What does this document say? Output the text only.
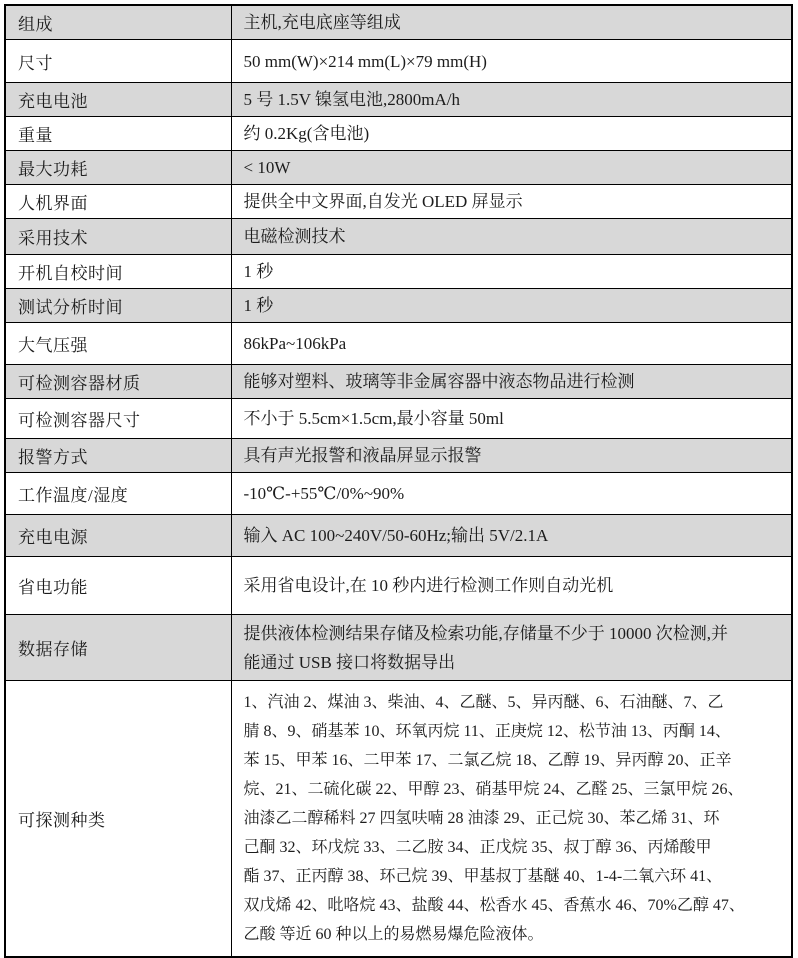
组成	主机,充电底座等组成

尺寸	50 mm(W)×214 mm(L)×79 mm(H)

充电电池	5 号 1.5V 镍氢电池,2800mA/h

重量	约 0.2Kg(含电池)

最大功耗	< 10W

人机界面	提供全中文界面,自发光 OLED 屏显示

采用技术	电磁检测技术

开机自校时间	1 秒

测试分析时间	1 秒

大气压强	86kPa~106kPa

可检测容器材质	能够对塑料、玻璃等非金属容器中液态物品进行检测

可检测容器尺寸	不小于 5.5cm×1.5cm,最小容量 50ml

报警方式	具有声光报警和液晶屏显示报警

工作温度/湿度	-10℃-+55℃/0%~90%

充电电源	输入 AC 100~240V/50-60Hz;输出 5V/2.1A

省电功能	采用省电设计,在 10 秒内进行检测工作则自动光机

数据存储	提供液体检测结果存储及检索功能,存储量不少于 10000 次检测,并
能通过 USB 接口将数据导出

可探测种类	
1、汽油 2、煤油 3、柴油、4、乙醚、5、异丙醚、6、石油醚、7、乙
腈 8、9、硝基苯 10、环氧丙烷 11、正庚烷 12、松节油 13、丙酮 14、
苯 15、甲苯 16、二甲苯 17、二氯乙烷 18、乙醇 19、异丙醇 20、正辛
烷、21、二硫化碳 22、甲醇 23、硝基甲烷 24、乙醛 25、三氯甲烷 26、
油漆乙二醇稀料 27 四氢呋喃 28 油漆 29、正己烷 30、苯乙烯 31、环
己酮 32、环戊烷 33、二乙胺 34、正戊烷 35、叔丁醇 36、丙烯酸甲
酯 37、正丙醇 38、环己烷 39、甲基叔丁基醚 40、1-4-二氧六环 41、
双戊烯 42、吡咯烷 43、盐酸 44、松香水 45、香蕉水 46、70%乙醇 47、
乙酸 等近 60 种以上的易燃易爆危险液体。
